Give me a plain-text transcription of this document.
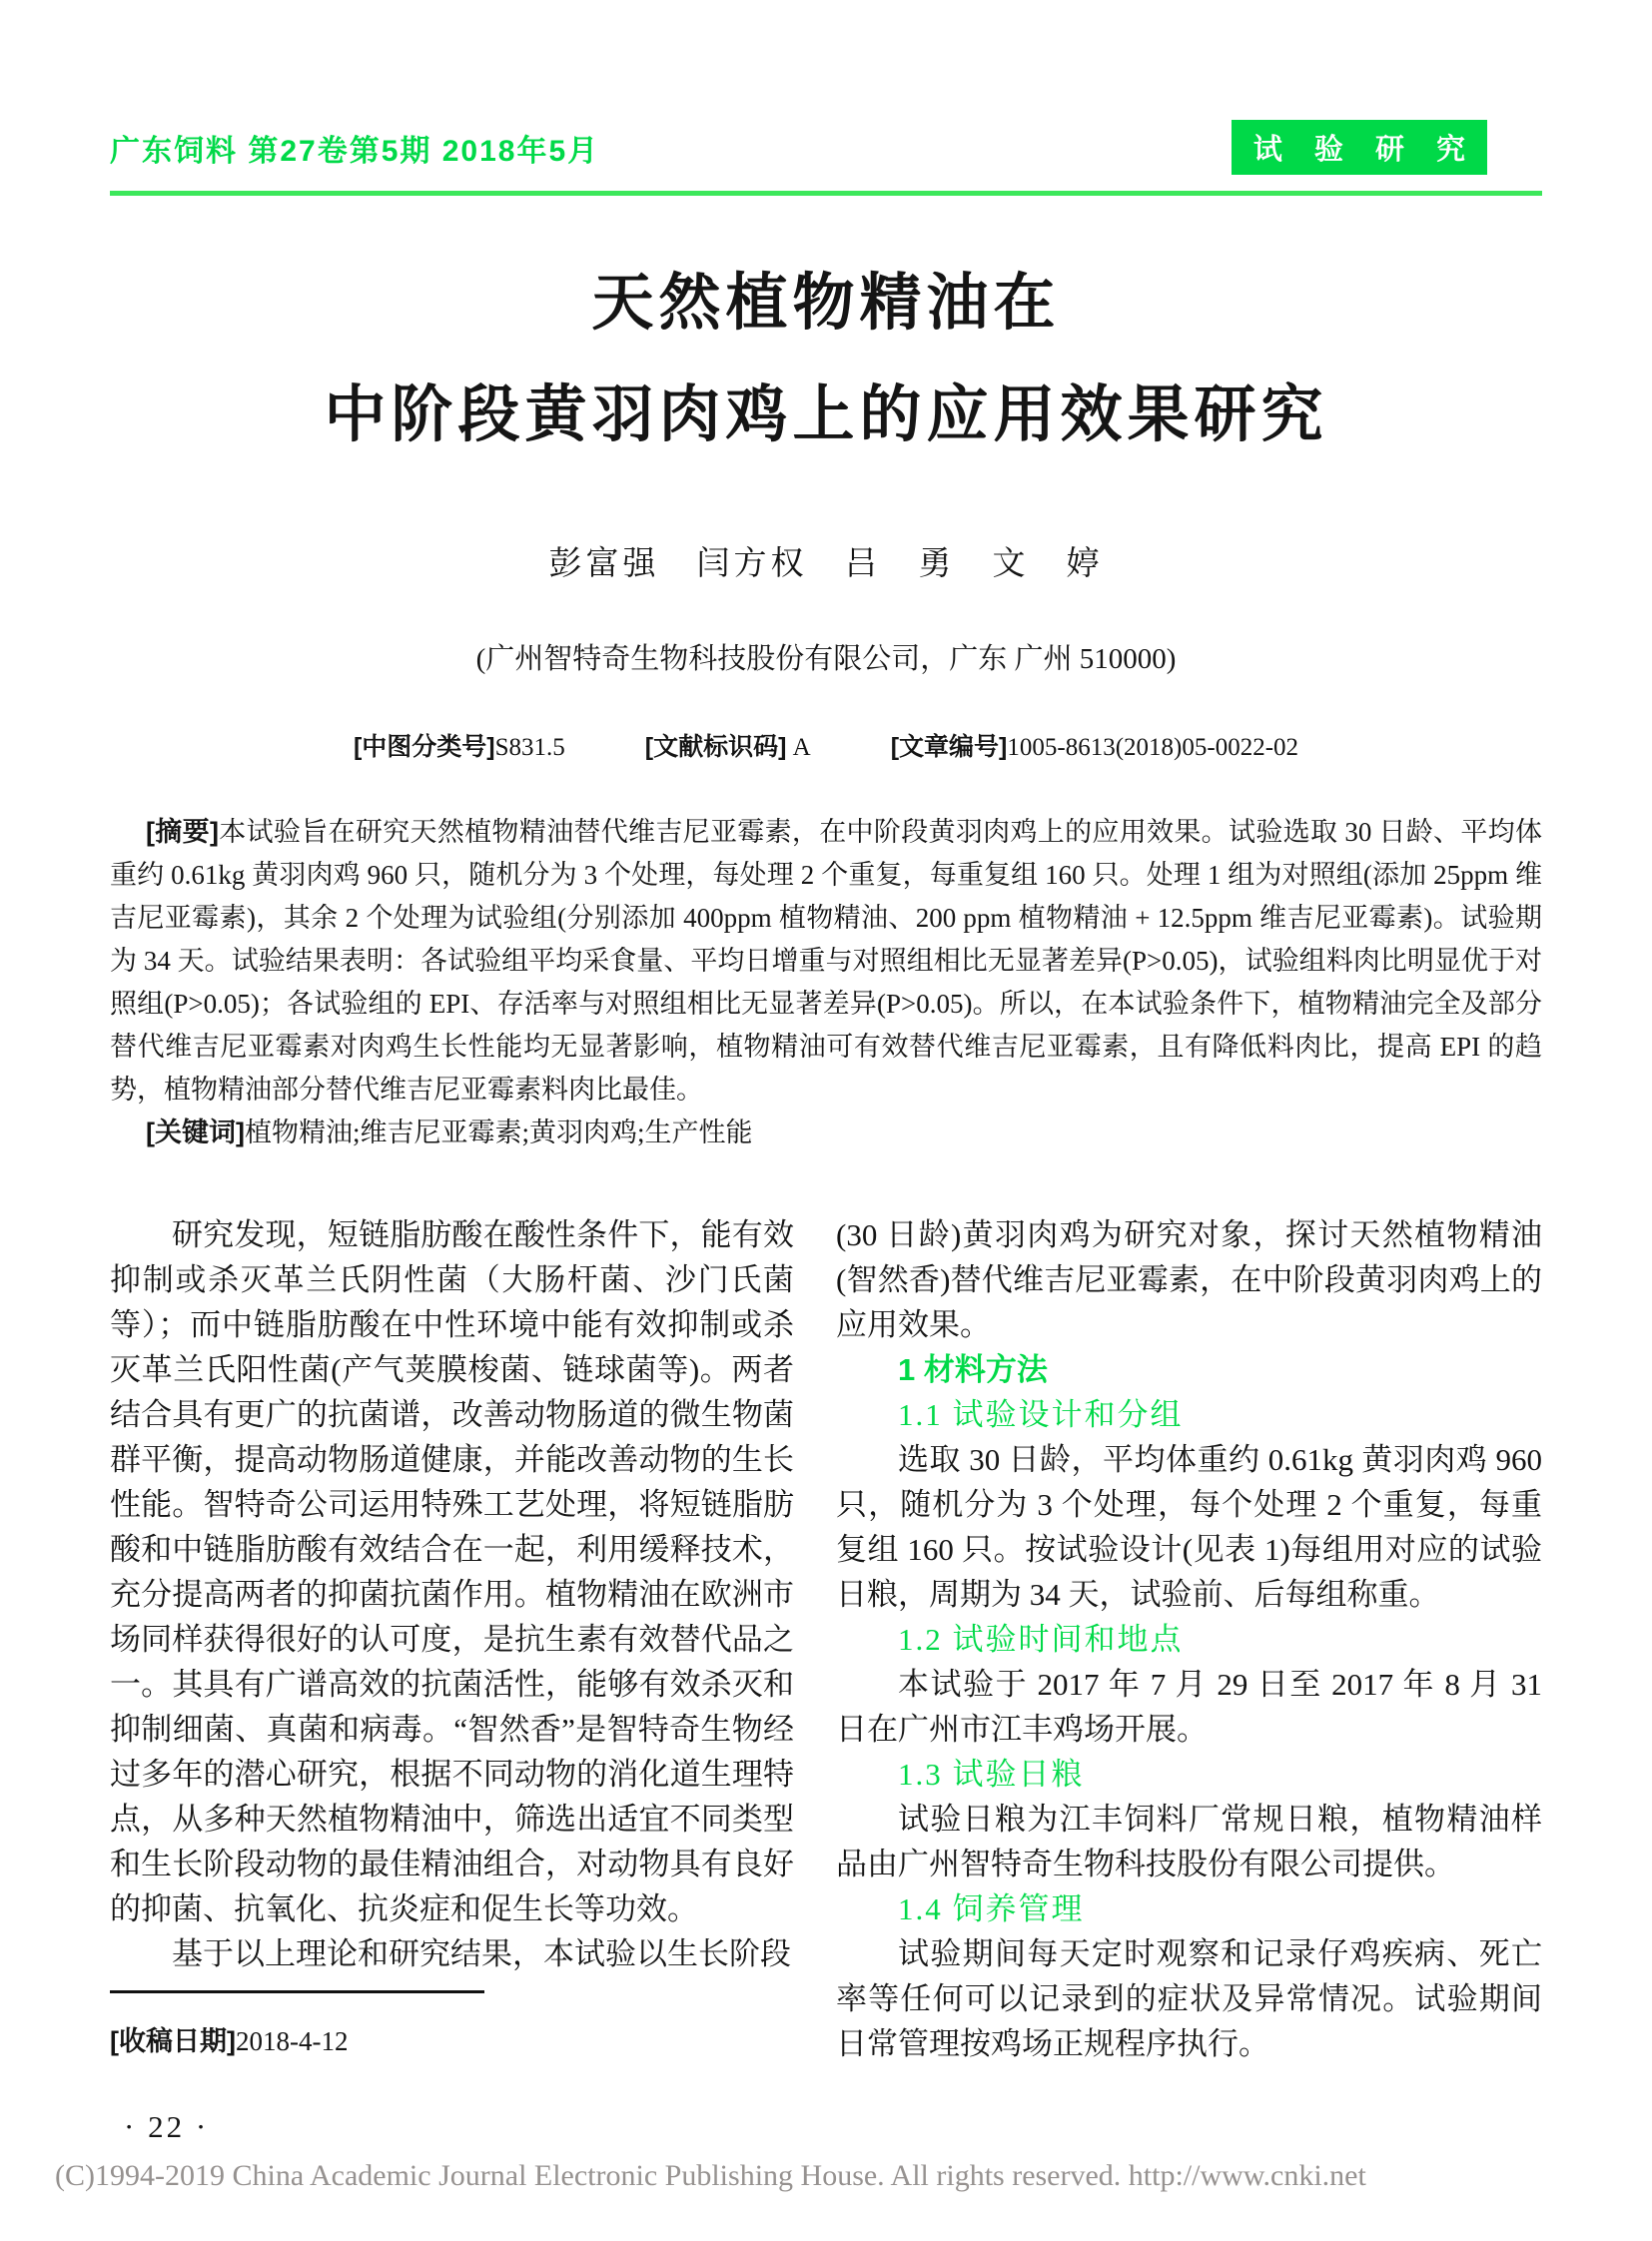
广东饲料 第27卷第5期 2018年5月	试 验 研 究
天然植物精油在
中阶段黄羽肉鸡上的应用效果研究
彭富强　闫方权　吕　勇　文　婷
(广州智特奇生物科技股份有限公司，广东 广州 510000)
[中图分类号]S831.5	[文献标识码] A	[文章编号]1005-8613(2018)05-0022-02
[摘要]本试验旨在研究天然植物精油替代维吉尼亚霉素，在中阶段黄羽肉鸡上的应用效果。试验选取 30 日龄、平均体重约 0.61kg 黄羽肉鸡 960 只，随机分为 3 个处理，每处理 2 个重复，每重复组 160 只。处理 1 组为对照组(添加 25ppm 维吉尼亚霉素)，其余 2 个处理为试验组(分别添加 400ppm 植物精油、200 ppm 植物精油 + 12.5ppm 维吉尼亚霉素)。试验期为 34 天。试验结果表明：各试验组平均采食量、平均日增重与对照组相比无显著差异(P>0.05)，试验组料肉比明显优于对照组(P>0.05)；各试验组的 EPI、存活率与对照组相比无显著差异(P>0.05)。所以，在本试验条件下，植物精油完全及部分替代维吉尼亚霉素对肉鸡生长性能均无显著影响，植物精油可有效替代维吉尼亚霉素，且有降低料肉比，提高 EPI 的趋势，植物精油部分替代维吉尼亚霉素料肉比最佳。
[关键词]植物精油;维吉尼亚霉素;黄羽肉鸡;生产性能

研究发现，短链脂肪酸在酸性条件下，能有效抑制或杀灭革兰氏阴性菌（大肠杆菌、沙门氏菌等）；而中链脂肪酸在中性环境中能有效抑制或杀灭革兰氏阳性菌(产气荚膜梭菌、链球菌等)。两者结合具有更广的抗菌谱，改善动物肠道的微生物菌群平衡，提高动物肠道健康，并能改善动物的生长性能。智特奇公司运用特殊工艺处理，将短链脂肪酸和中链脂肪酸有效结合在一起，利用缓释技术，充分提高两者的抑菌抗菌作用。植物精油在欧洲市场同样获得很好的认可度，是抗生素有效替代品之一。其具有广谱高效的抗菌活性，能够有效杀灭和抑制细菌、真菌和病毒。“智然香”是智特奇生物经过多年的潜心研究，根据不同动物的消化道生理特点，从多种天然植物精油中，筛选出适宜不同类型和生长阶段动物的最佳精油组合，对动物具有良好的抑菌、抗氧化、抗炎症和促生长等功效。

基于以上理论和研究结果，本试验以生长阶段

[收稿日期]2018-4-12
· 22 ·

(30 日龄)黄羽肉鸡为研究对象，探讨天然植物精油(智然香)替代维吉尼亚霉素，在中阶段黄羽肉鸡上的应用效果。

1 材料方法
1.1 试验设计和分组

选取 30 日龄，平均体重约 0.61kg 黄羽肉鸡 960 只，随机分为 3 个处理，每个处理 2 个重复，每重复组 160 只。按试验设计(见表 1)每组用对应的试验日粮，周期为 34 天，试验前、后每组称重。

1.2 试验时间和地点

本试验于 2017 年 7 月 29 日至 2017 年 8 月 31 日在广州市江丰鸡场开展。

1.3 试验日粮

试验日粮为江丰饲料厂常规日粮，植物精油样品由广州智特奇生物科技股份有限公司提供。

1.4 饲养管理

试验期间每天定时观察和记录仔鸡疾病、死亡率等任何可以记录到的症状及异常情况。试验期间日常管理按鸡场正规程序执行。

(C)1994-2019 China Academic Journal Electronic Publishing House. All rights reserved. http://www.cnki.net
